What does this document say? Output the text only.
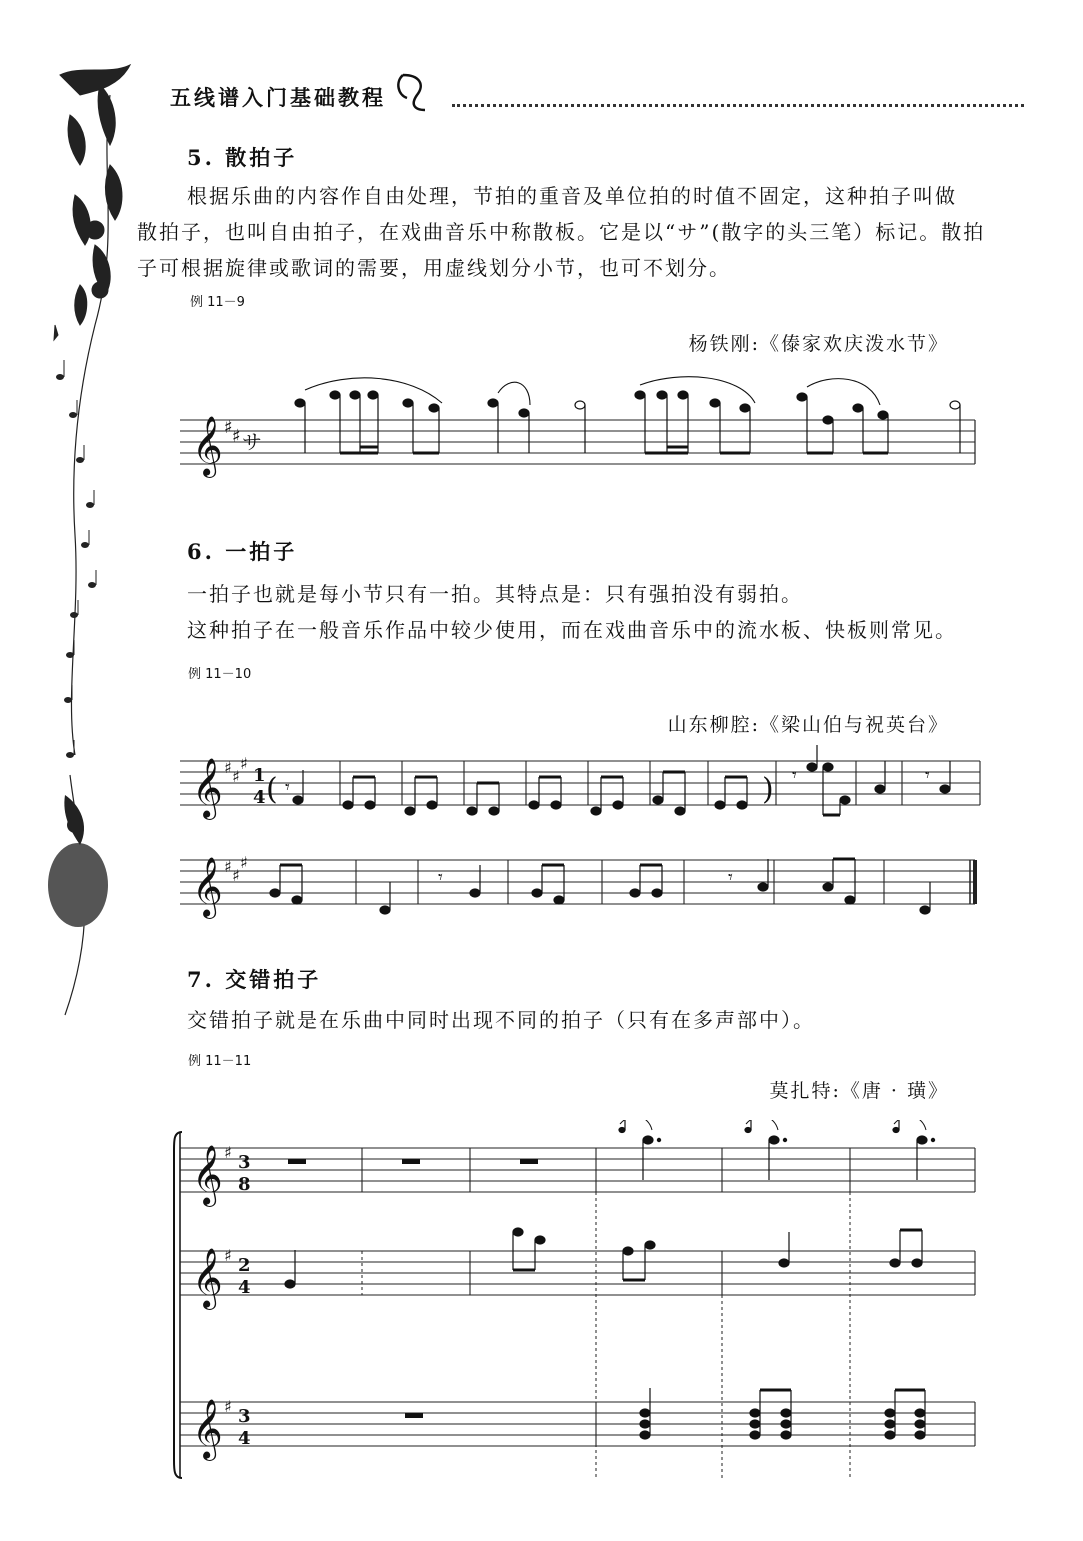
五线谱入门基础教程
5. 散拍子
根据乐曲的内容作自由处理，节拍的重音及单位拍的时值不固定，这种拍子叫做
散拍子，也叫自由拍子，在戏曲音乐中称散板。它是以“サ”(散字的头三笔）标记。散拍
子可根据旋律或歌词的需要，用虚线划分小节，也可不划分。
例 11－9
杨铁刚:《傣家欢庆泼水节》
𝄞 ♯ ♯ サ
6. 一拍子
一拍子也就是每小节只有一拍。其特点是：只有强拍没有弱拍。
这种拍子在一般音乐作品中较少使用，而在戏曲音乐中的流水板、快板则常见。
例 11－10
山东柳腔:《梁山伯与祝英台》
𝄞 ♯ ♯
♯
1
4 𝄾
𝄾	𝄾
(	)
𝄞 ♯ ♯
♯
𝄾	𝄾
7. 交错拍子
交错拍子就是在乐曲中同时出现不同的拍子（只有在多声部中）。
例 11－11
莫扎特:《唐 · 璜》
𝄞
𝄞
𝄞
♯
♯
♯
3
8
2
4
3
4
